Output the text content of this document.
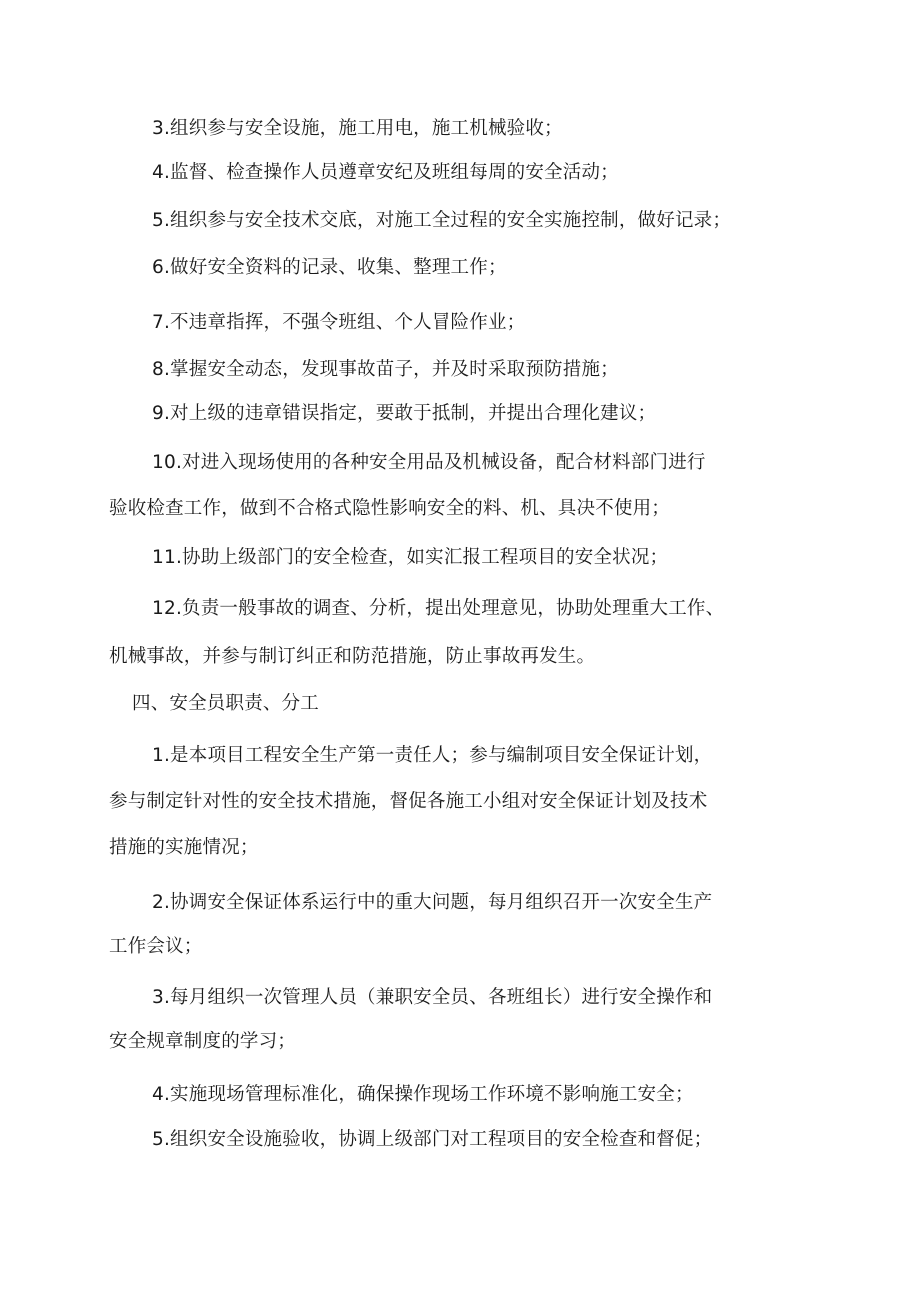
3.组织参与安全设施，施工用电，施工机械验收；
4.监督、检查操作人员遵章安纪及班组每周的安全活动；
5.组织参与安全技术交底，对施工全过程的安全实施控制，做好记录；
6.做好安全资料的记录、收集、整理工作；
7.不违章指挥，不强令班组、个人冒险作业；
8.掌握安全动态，发现事故苗子，并及时采取预防措施；
9.对上级的违章错误指定，要敢于抵制，并提出合理化建议；
10.对进入现场使用的各种安全用品及机械设备，配合材料部门进行
验收检查工作，做到不合格式隐性影响安全的料、机、具决不使用；
11.协助上级部门的安全检查，如实汇报工程项目的安全状况；
12.负责一般事故的调查、分析，提出处理意见，协助处理重大工作、
机械事故，并参与制订纠正和防范措施，防止事故再发生。
四、安全员职责、分工
1.是本项目工程安全生产第一责任人；参与编制项目安全保证计划，
参与制定针对性的安全技术措施，督促各施工小组对安全保证计划及技术
措施的实施情况；
2.协调安全保证体系运行中的重大问题，每月组织召开一次安全生产
工作会议；
3.每月组织一次管理人员（兼职安全员、各班组长）进行安全操作和
安全规章制度的学习；
4.实施现场管理标准化，确保操作现场工作环境不影响施工安全；
5.组织安全设施验收，协调上级部门对工程项目的安全检查和督促；
